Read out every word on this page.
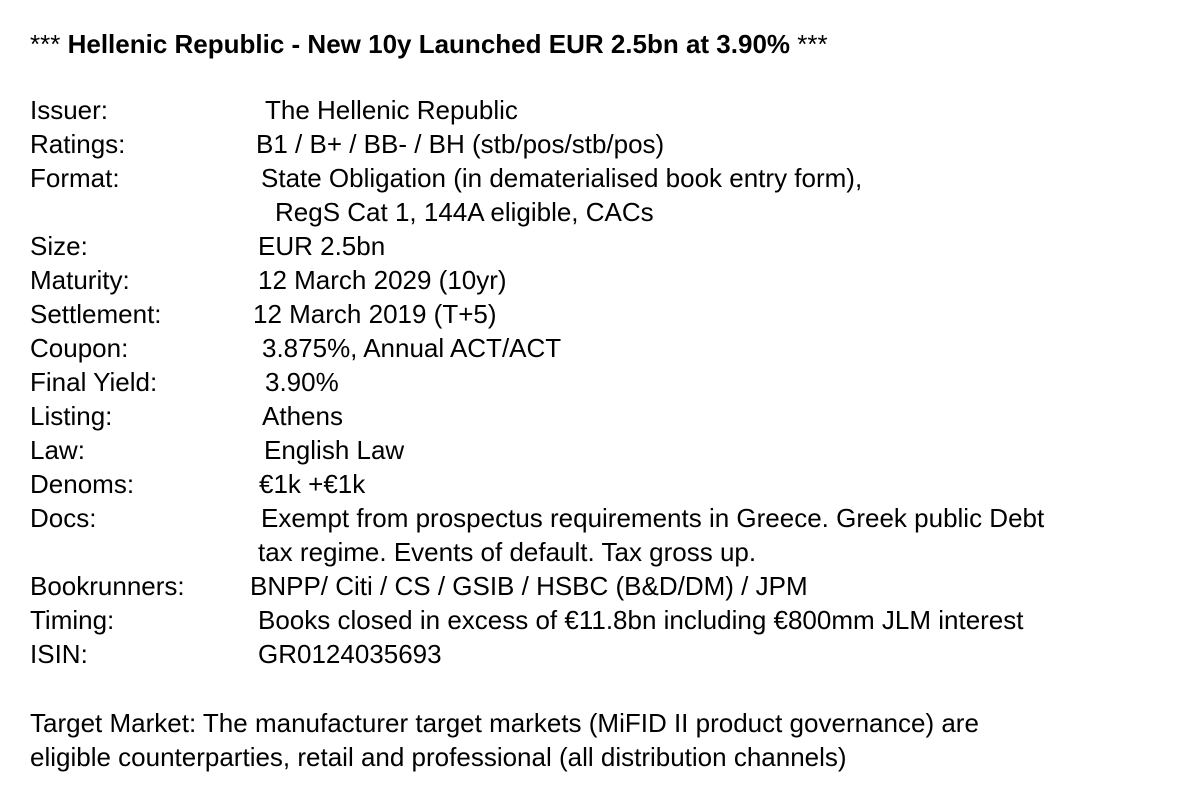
*** Hellenic Republic - New 10y Launched EUR 2.5bn at 3.90% ***
Issuer:	The Hellenic Republic
Ratings:	B1 / B+ / BB- / BH (stb/pos/stb/pos)
Format:	State Obligation (in dematerialised book entry form),
RegS Cat 1, 144A eligible, CACs
Size:	EUR 2.5bn
Maturity:	12 March 2029 (10yr)
Settlement:	12 March 2019 (T+5)
Coupon:	3.875%, Annual ACT/ACT
Final Yield:	3.90%
Listing:	Athens
Law:	English Law
Denoms:	€1k +€1k
Docs:	Exempt from prospectus requirements in Greece. Greek public Debt
tax regime. Events of default. Tax gross up.
Bookrunners:	BNPP/ Citi / CS / GSIB / HSBC (B&D/DM) / JPM
Timing:	Books closed in excess of €11.8bn including €800mm JLM interest
ISIN:	GR0124035693
Target Market: The manufacturer target markets (MiFID II product governance) are
eligible counterparties, retail and professional (all distribution channels)
